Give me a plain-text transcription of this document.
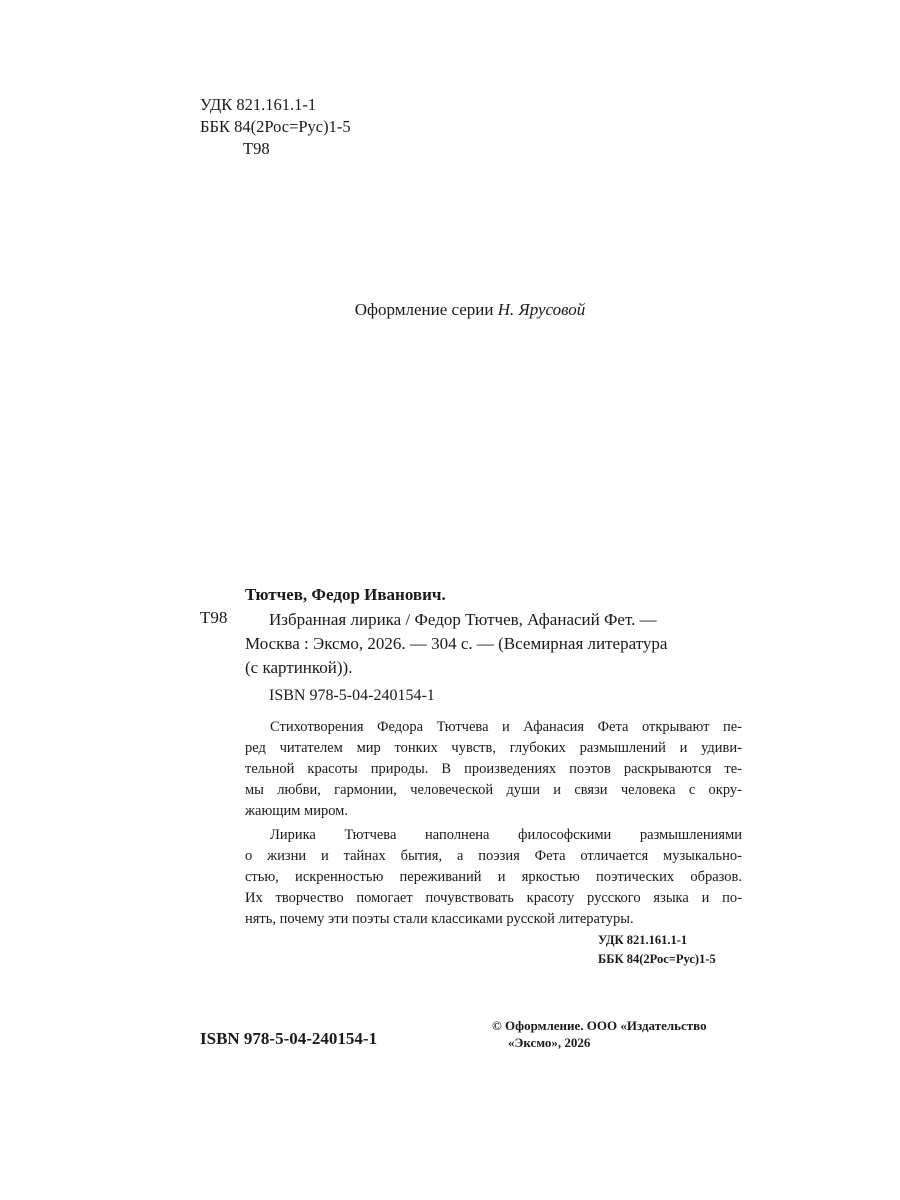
УДК 821.161.1-1
ББК 84(2Рос=Рус)1-5
Т98
Оформление серии Н. Ярусовой
Тютчев, Федор Иванович.
Т98 Избранная лирика / Федор Тютчев, Афанасий Фет. —
Москва : Эксмо, 2026. — 304 с. — (Всемирная литература
(с картинкой)).
ISBN 978-5-04-240154-1
Стихотворения Федора Тютчева и Афанасия Фета открывают пе-
ред читателем мир тонких чувств, глубоких размышлений и удиви-
тельной красоты природы. В произведениях поэтов раскрываются те-
мы любви, гармонии, человеческой души и связи человека с окру-
жающим миром.
Лирика Тютчева наполнена философскими размышлениями
о жизни и тайнах бытия, а поэзия Фета отличается музыкально-
стью, искренностью переживаний и яркостью поэтических образов.
Их творчество помогает почувствовать красоту русского языка и по-
нять, почему эти поэты стали классиками русской литературы.
УДК 821.161.1-1
ББК 84(2Рос=Рус)1-5
ISBN 978-5-04-240154-1
© Оформление. ООО «Издательство
«Эксмо», 2026
